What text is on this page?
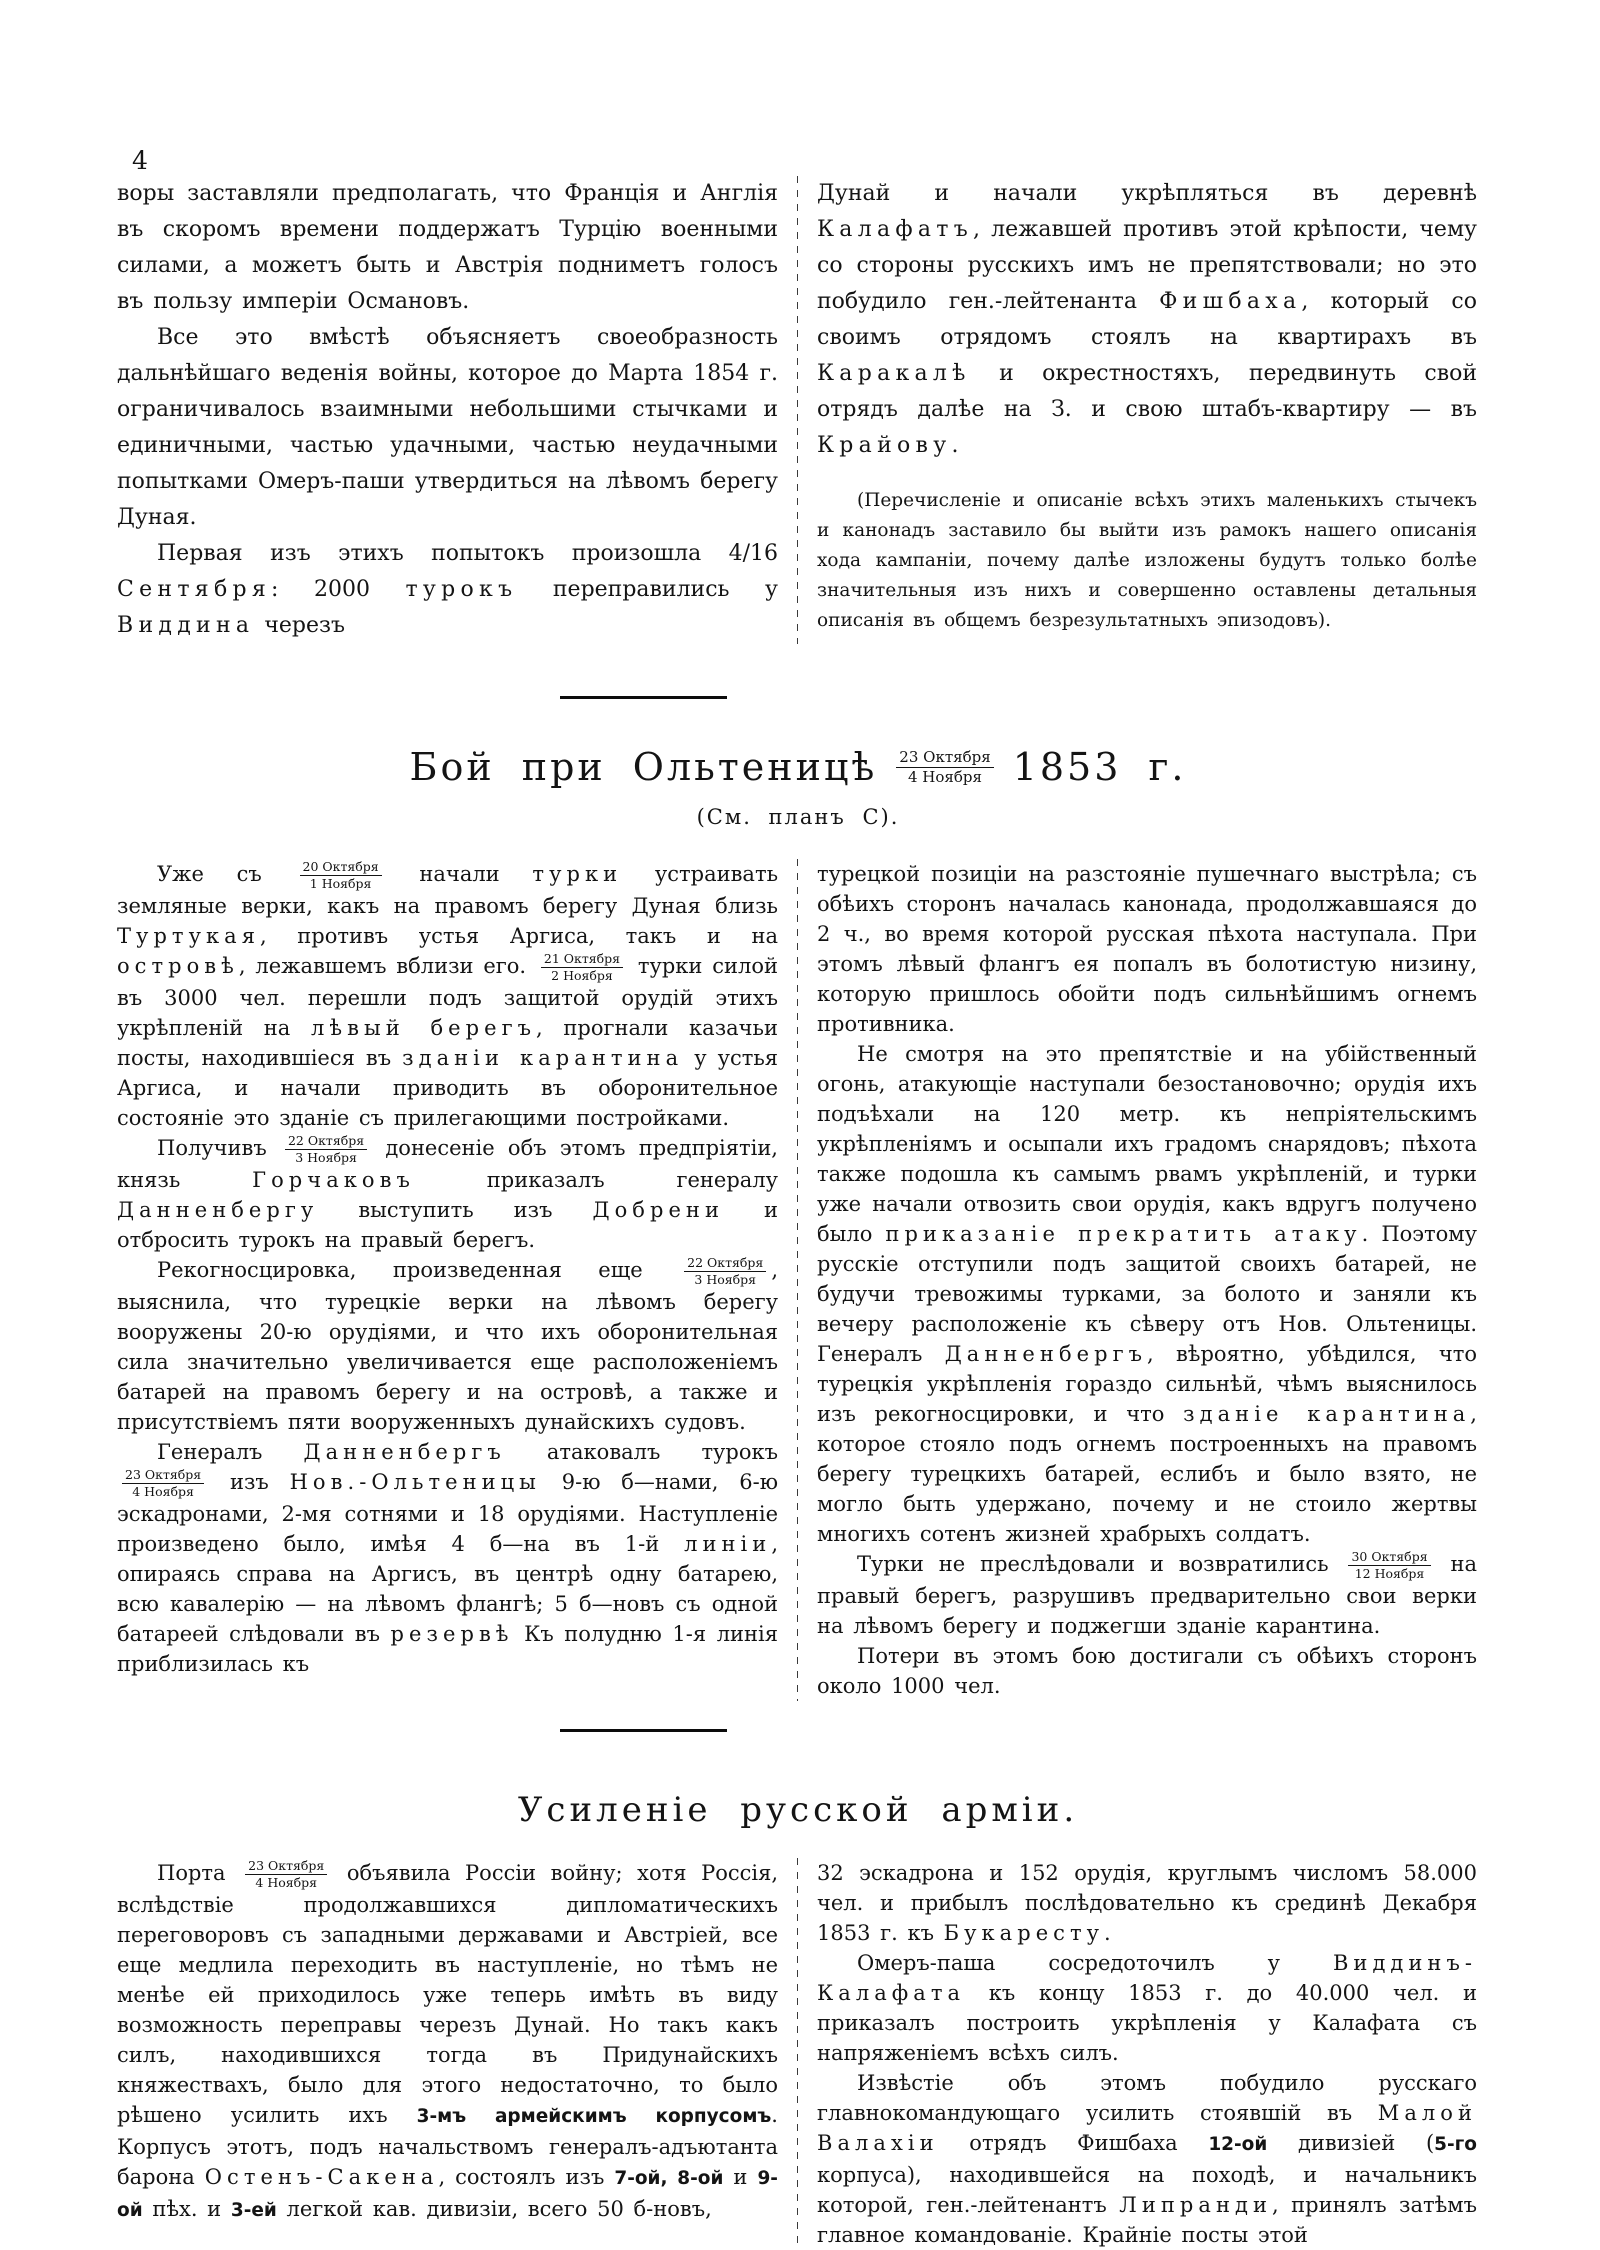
4

воры заставляли предполагать, что Франція и Англія въ скоромъ времени поддержатъ Турцію военными силами, а можетъ быть и Австрія подниметъ голосъ въ пользу имперіи Османовъ.

Все это вмѣстѣ объясняетъ своеобразность дальнѣйшаго веденія войны, которое до Марта 1854 г. ограничивалось взаимными небольшими стычками и единичными, частью удачными, частью неудачными попытками Омеръ-паши утвердиться на лѣвомъ берегу Дуная.

Первая изъ этихъ попытокъ произошла 4/16 Сентября: 2000 турокъ переправились у Виддина черезъ

Дунай и начали укрѣпляться въ деревнѣ Калафатъ, лежавшей противъ этой крѣпости, чему со стороны русскихъ имъ не препятствовали; но это побудило ген.-лейтенанта Фишбаха, который со своимъ отрядомъ стоялъ на квартирахъ въ Каракалѣ и окрестностяхъ, передвинуть свой отрядъ далѣе на З. и свою штабъ-квартиру — въ Крайову.

(Перечисленіе и описаніе всѣхъ этихъ маленькихъ стычекъ и канонадъ заставило бы выйти изъ рамокъ нашего описанія хода кампаніи, почему далѣе изложены будутъ только болѣе значительныя изъ нихъ и совершенно оставлены детальныя описанія въ общемъ безрезультатныхъ эпизодовъ).

Бой при Ольтеницѣ $\frac{\text{23 Октября}}{\text{4 Ноября}} 1853$ г.
(См. планъ С).

Уже съ $\frac{\text{20 Октября}}{\text{1 Ноября}}$ начали турки устраивать земляные верки, какъ на правомъ берегу Дуная близь Туртукая, противъ устья Аргиса, такъ и на островѣ, лежавшемъ вблизи его. $\frac{\text{21 Октября}}{\text{2 Ноября}}$ турки силой въ 3000 чел. перешли подъ защитой орудій этихъ укрѣпленій на лѣвый берегъ, прогнали казачьи посты, находившіеся въ зданіи карантина у устья Аргиса, и начали приводить въ оборонительное состояніе это зданіе съ прилегающими постройками.

Получивъ $\frac{\text{22 Октября}}{\text{3 Ноября}}$ донесеніе объ этомъ предпріятіи, князь Горчаковъ приказалъ генералу Данненбергу выступить изъ Добрени и отбросить турокъ на правый берегъ.

Рекогносцировка, произведенная еще $\frac{\text{22 Октября}}{\text{3 Ноября}}$ , выяснила, что турецкіе верки на лѣвомъ берегу вооружены 20-ю орудіями, и что ихъ оборонительная сила значительно увеличивается еще расположеніемъ батарей на правомъ берегу и на островѣ, а также и присутствіемъ пяти вооруженныхъ дунайскихъ судовъ.

Генералъ Данненбергъ атаковалъ турокъ
$\frac{\text{23 Октября}}{\text{4 Ноября}}$ изъ Нов.-Ольтеницы 9-ю б—нами, 6-ю эскадронами, 2-мя сотнями и 18 орудіями. Наступленіе произведено было, имѣя 4 б—на въ 1-й линіи, опираясь справа на Аргисъ, въ центрѣ одну батарею, всю кавалерію — на лѣвомъ флангѣ; 5 б—новъ съ одной батареей слѣдовали въ резервѣ Къ полудню 1-я линія приблизилась къ

турецкой позиціи на разстояніе пушечнаго выстрѣла; съ обѣихъ сторонъ началась канонада, продолжавшаяся до 2 ч., во время которой русская пѣхота наступала. При этомъ лѣвый флангъ ея попалъ въ болотистую низину, которую пришлось обойти подъ сильнѣйшимъ огнемъ противника.

Не смотря на это препятствіе и на убійственный огонь, атакующіе наступали безостановочно; орудія ихъ подъѣхали на 120 метр. къ непріятельскимъ укрѣпленіямъ и осыпали ихъ градомъ снарядовъ; пѣхота также подошла къ самымъ рвамъ укрѣпленій, и турки уже начали отвозить свои орудія, какъ вдругъ получено было приказаніе прекратить атаку. Поэтому русскіе отступили подъ защитой своихъ батарей, не будучи тревожимы турками, за болото и заняли къ вечеру расположеніе къ сѣверу отъ Нов. Ольтеницы. Генералъ Данненбергъ, вѣроятно, убѣдился, что турецкія укрѣпленія гораздо сильнѣй, чѣмъ выяснилось изъ рекогносцировки, и что зданіе карантина, которое стояло подъ огнемъ построенныхъ на правомъ берегу турецкихъ батарей, еслибъ и было взято, не могло быть удержано, почему и не стоило жертвы многихъ сотенъ жизней храбрыхъ солдатъ.

Турки не преслѣдовали и возвратились $\frac{\text{30 Октября}}{\text{12 Ноября}}$ на правый берегъ, разрушивъ предварительно свои верки на лѣвомъ берегу и поджегши зданіе карантина.

Потери въ этомъ бою достигали съ обѣихъ сторонъ около 1000 чел.

Усиленіе русской арміи.

Порта $\frac{\text{23 Октября}}{\text{4 Ноября}}$ объявила Россіи войну; хотя Россія, вслѣдствіе продолжавшихся дипломатическихъ переговоровъ съ западными державами и Австріей, все еще медлила переходить въ наступленіе, но тѣмъ не менѣе ей приходилось уже теперь имѣть въ виду возможность переправы черезъ Дунай. Но такъ какъ силъ, находившихся тогда въ Придунайскихъ княжествахъ, было для этого недостаточно, то было рѣшено усилить ихъ 3-мъ армейскимъ корпусомъ. Корпусъ этотъ, подъ начальствомъ генералъ-адъютанта барона Остенъ-Сакена, состоялъ изъ 7-ой, 8-ой и 9-ой пѣх. и 3-ей легкой кав. дивизіи, всего 50 б-новъ,

32 эскадрона и 152 орудія, круглымъ числомъ 58.000 чел. и прибылъ послѣдовательно къ срединѣ Декабря 1853 г. къ Букаресту.

Омеръ-паша сосредоточилъ у Виддинъ-Калафата къ концу 1853 г. до 40.000 чел. и приказалъ построить укрѣпленія у Калафата съ напряженіемъ всѣхъ силъ.

Извѣстіе объ этомъ побудило русскаго главнокомандующаго усилить стоявшій въ Малой Валахіи отрядъ Фишбаха 12-ой дивизіей (5-го корпуса), находившейся на походѣ, и начальникъ которой, ген.-лейтенантъ Липранди, принялъ затѣмъ главное командованіе. Крайніе посты этой
